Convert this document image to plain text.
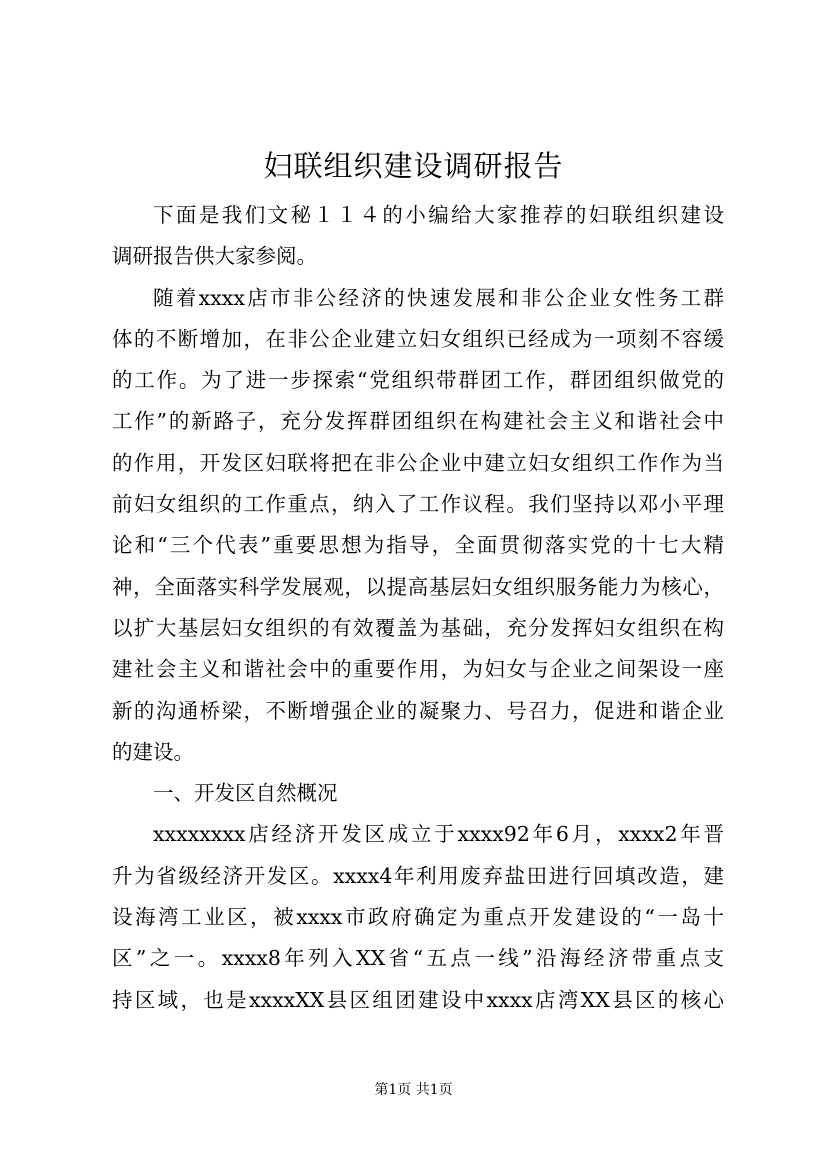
妇联组织建设调研报告
下面是我们文秘１１４的小编给大家推荐的妇联组织建设
调研报告供大家参阅。
随着xxxx店市非公经济的快速发展和非公企业女性务工群
体的不断增加，在非公企业建立妇女组织已经成为一项刻不容缓
的工作。为了进一步探索“党组织带群团工作，群团组织做党的
工作”的新路子，充分发挥群团组织在构建社会主义和谐社会中
的作用，开发区妇联将把在非公企业中建立妇女组织工作作为当
前妇女组织的工作重点，纳入了工作议程。我们坚持以邓小平理
论和“三个代表”重要思想为指导，全面贯彻落实党的十七大精
神，全面落实科学发展观，以提高基层妇女组织服务能力为核心，
以扩大基层妇女组织的有效覆盖为基础，充分发挥妇女组织在构
建社会主义和谐社会中的重要作用，为妇女与企业之间架设一座
新的沟通桥梁，不断增强企业的凝聚力、号召力，促进和谐企业
的建设。
一、开发区自然概况
xxxxxxxx店经济开发区成立于xxxx92年6月，xxxx2年晋
升为省级经济开发区。xxxx4年利用废弃盐田进行回填改造，建
设海湾工业区，被xxxx市政府确定为重点开发建设的“一岛十
区”之一。xxxx8年列入XX省“五点一线”沿海经济带重点支
持区域，也是xxxxXX县区组团建设中xxxx店湾XX县区的核心
第1页 共1页
